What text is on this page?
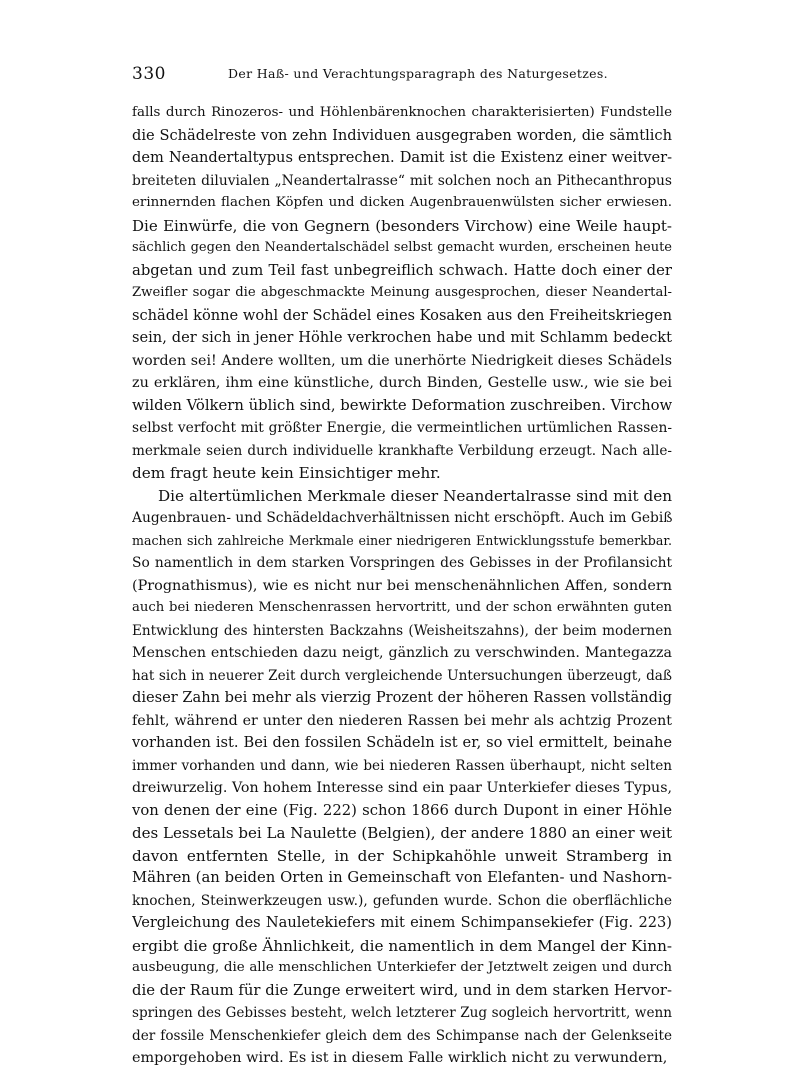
330	Der Haß- und Verachtungsparagraph des Naturgesetzes.
falls durch Rinozeros- und Höhlenbärenknochen charakterisierten) Fundstelle
die Schädelreste von zehn Individuen ausgegraben worden, die sämtlich
dem Neandertaltypus entsprechen. Damit ist die Existenz einer weitver-
breiteten diluvialen „Neandertalrasse“ mit solchen noch an Pithecanthropus
erinnernden flachen Köpfen und dicken Augenbrauenwülsten sicher erwiesen.
Die Einwürfe, die von Gegnern (besonders Virchow) eine Weile haupt-
sächlich gegen den Neandertalschädel selbst gemacht wurden, erscheinen heute
abgetan und zum Teil fast unbegreiflich schwach. Hatte doch einer der
Zweifler sogar die abgeschmackte Meinung ausgesprochen, dieser Neandertal-
schädel könne wohl der Schädel eines Kosaken aus den Freiheitskriegen
sein, der sich in jener Höhle verkrochen habe und mit Schlamm bedeckt
worden sei! Andere wollten, um die unerhörte Niedrigkeit dieses Schädels
zu erklären, ihm eine künstliche, durch Binden, Gestelle usw., wie sie bei
wilden Völkern üblich sind, bewirkte Deformation zuschreiben. Virchow
selbst verfocht mit größter Energie, die vermeintlichen urtümlichen Rassen-
merkmale seien durch individuelle krankhafte Verbildung erzeugt. Nach alle-
dem fragt heute kein Einsichtiger mehr.
Die altertümlichen Merkmale dieser Neandertalrasse sind mit den
Augenbrauen- und Schädeldachverhältnissen nicht erschöpft. Auch im Gebiß
machen sich zahlreiche Merkmale einer niedrigeren Entwicklungsstufe bemerkbar.
So namentlich in dem starken Vorspringen des Gebisses in der Profilansicht
(Prognathismus), wie es nicht nur bei menschenähnlichen Affen, sondern
auch bei niederen Menschenrassen hervortritt, und der schon erwähnten guten
Entwicklung des hintersten Backzahns (Weisheitszahns), der beim modernen
Menschen entschieden dazu neigt, gänzlich zu verschwinden. Mantegazza
hat sich in neuerer Zeit durch vergleichende Untersuchungen überzeugt, daß
dieser Zahn bei mehr als vierzig Prozent der höheren Rassen vollständig
fehlt, während er unter den niederen Rassen bei mehr als achtzig Prozent
vorhanden ist. Bei den fossilen Schädeln ist er, so viel ermittelt, beinahe
immer vorhanden und dann, wie bei niederen Rassen überhaupt, nicht selten
dreiwurzelig. Von hohem Interesse sind ein paar Unterkiefer dieses Typus,
von denen der eine (Fig. 222) schon 1866 durch Dupont in einer Höhle
des Lessetals bei La Naulette (Belgien), der andere 1880 an einer weit
davon entfernten Stelle, in der Schipkahöhle unweit Stramberg in
Mähren (an beiden Orten in Gemeinschaft von Elefanten- und Nashorn-
knochen, Steinwerkzeugen usw.), gefunden wurde. Schon die oberflächliche
Vergleichung des Nauletekiefers mit einem Schimpansekiefer (Fig. 223)
ergibt die große Ähnlichkeit, die namentlich in dem Mangel der Kinn-
ausbeugung, die alle menschlichen Unterkiefer der Jetztwelt zeigen und durch
die der Raum für die Zunge erweitert wird, und in dem starken Hervor-
springen des Gebisses besteht, welch letzterer Zug sogleich hervortritt, wenn
der fossile Menschenkiefer gleich dem des Schimpanse nach der Gelenkseite
emporgehoben wird. Es ist in diesem Falle wirklich nicht zu verwundern,
